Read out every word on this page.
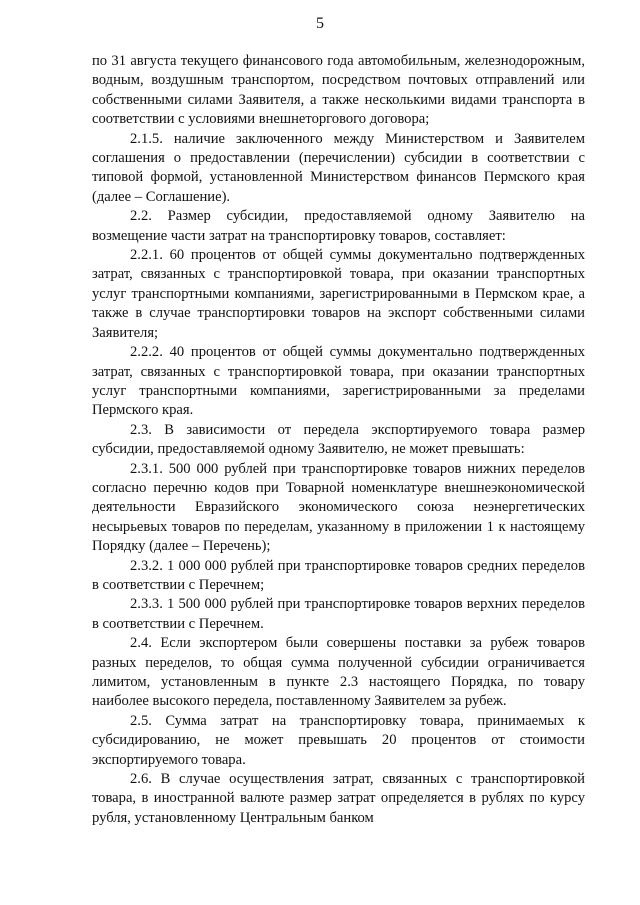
5

по 31 августа текущего финансового года автомобильным, железнодорожным, водным, воздушным транспортом, посредством почтовых отправлений или собственными силами Заявителя, а также несколькими видами транспорта в соответствии с условиями внешнеторгового договора;

2.1.5. наличие заключенного между Министерством и Заявителем соглашения о предоставлении (перечислении) субсидии в соответствии с типовой формой, установленной Министерством финансов Пермского края (далее – Соглашение).

2.2. Размер субсидии, предоставляемой одному Заявителю на возмещение части затрат на транспортировку товаров, составляет:

2.2.1. 60 процентов от общей суммы документально подтвержденных затрат, связанных с транспортировкой товара, при оказании транспортных услуг транспортными компаниями, зарегистрированными в Пермском крае, а также в случае транспортировки товаров на экспорт собственными силами Заявителя;

2.2.2. 40 процентов от общей суммы документально подтвержденных затрат, связанных с транспортировкой товара, при оказании транспортных услуг транспортными компаниями, зарегистрированными за пределами Пермского края.

2.3. В зависимости от передела экспортируемого товара размер субсидии, предоставляемой одному Заявителю, не может превышать:

2.3.1. 500 000 рублей при транспортировке товаров нижних переделов согласно перечню кодов при Товарной номенклатуре внешнеэкономической деятельности Евразийского экономического союза неэнергетических несырьевых товаров по переделам, указанному в приложении 1 к настоящему Порядку (далее – Перечень);

2.3.2. 1 000 000 рублей при транспортировке товаров средних переделов в соответствии с Перечнем;

2.3.3. 1 500 000 рублей при транспортировке товаров верхних переделов в соответствии с Перечнем.

2.4. Если экспортером были совершены поставки за рубеж товаров разных переделов, то общая сумма полученной субсидии ограничивается лимитом, установленным в пункте 2.3 настоящего Порядка, по товару наиболее высокого передела, поставленному Заявителем за рубеж.

2.5. Сумма затрат на транспортировку товара, принимаемых к субсидированию, не может превышать 20 процентов от стоимости экспортируемого товара.

2.6. В случае осуществления затрат, связанных с транспортировкой товара, в иностранной валюте размер затрат определяется в рублях по курсу рубля, установленному Центральным банком
